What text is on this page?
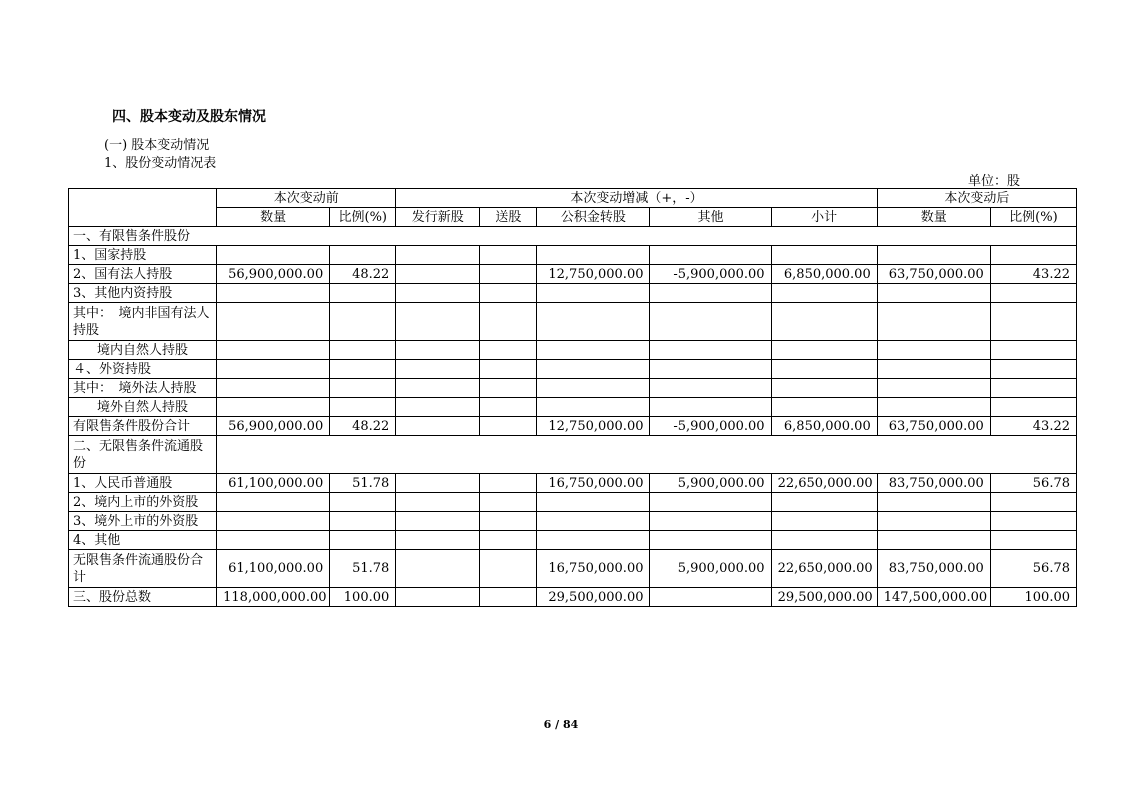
四、股本变动及股东情况
(一) 股本变动情况
1、股份变动情况表
单位：股
	本次变动前		本次变动增减（+，-）					本次变动后	
	数量	比例(%)	发行新股	送股	公积金转股	其他	小计	数量	比例(%)
一、有限售条件股份									
1、国家持股									
2、国有法人持股	56,900,000.00	48.22			12,750,000.00	-5,900,000.00	6,850,000.00	63,750,000.00	43.22
3、其他内资持股									
其中：　境内非国有法人持股									
境内自然人持股									
４、外资持股									
其中：　境外法人持股									
境外自然人持股									
有限售条件股份合计	56,900,000.00	48.22			12,750,000.00	-5,900,000.00	6,850,000.00	63,750,000.00	43.22
二、无限售条件流通股份									
1、人民币普通股	61,100,000.00	51.78			16,750,000.00	5,900,000.00	22,650,000.00	83,750,000.00	56.78
2、境内上市的外资股									
3、境外上市的外资股									
4、其他									
无限售条件流通股份合计	61,100,000.00	51.78			16,750,000.00	5,900,000.00	22,650,000.00	83,750,000.00	56.78
三、股份总数	118,000,000.00	100.00			29,500,000.00		29,500,000.00	147,500,000.00	100.00
6 / 84
